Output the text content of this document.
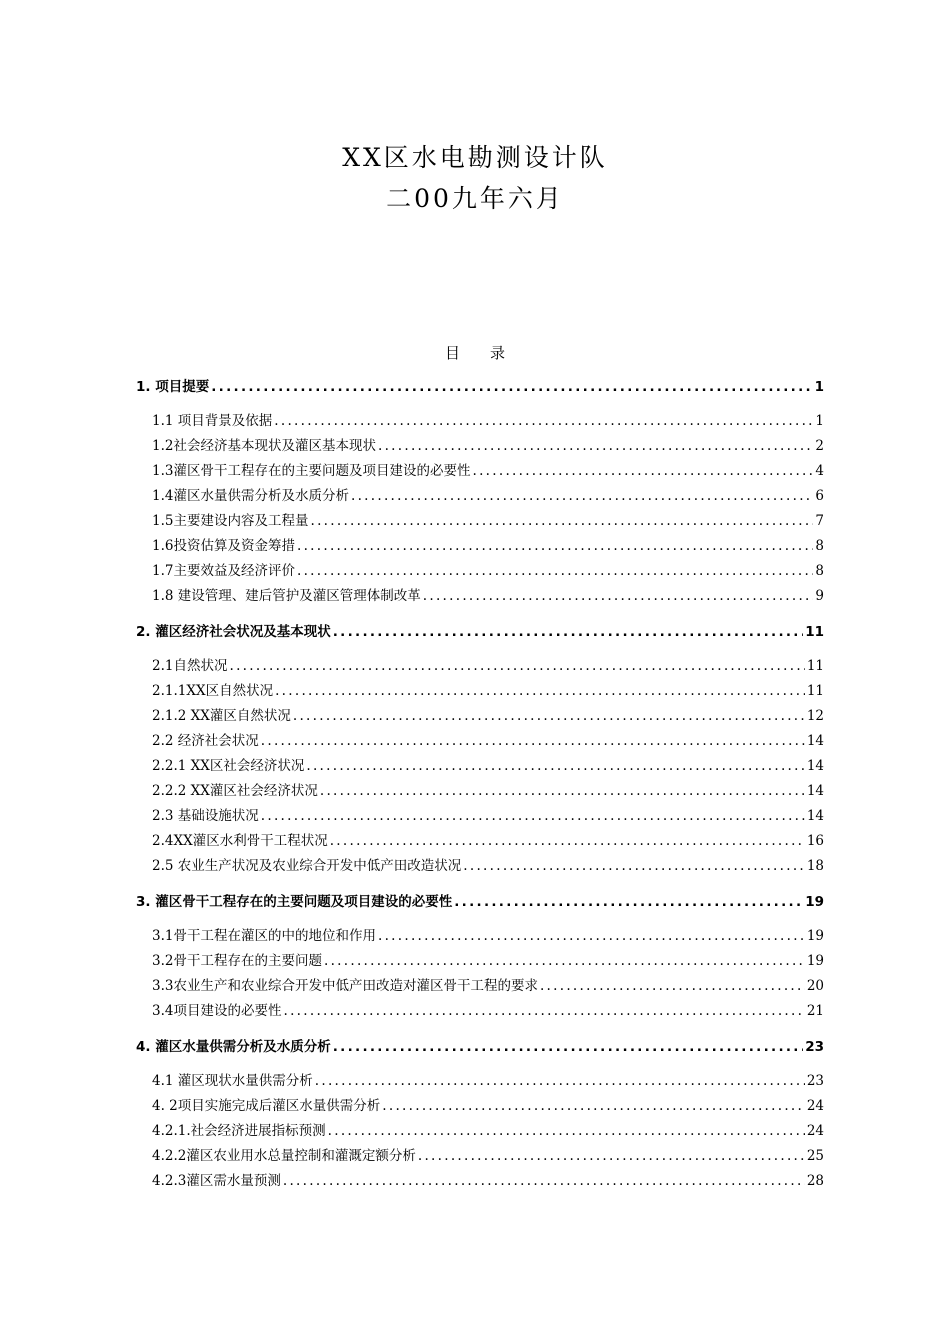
XX区水电勘测设计队
二00九年六月
目录
1. 项目提要 .....	1
1.1 项目背景及依据 .....	1
1.2社会经济基本现状及灌区基本现状 .....	2
1.3灌区骨干工程存在的主要问题及项目建设的必要性 .....	4
1.4灌区水量供需分析及水质分析 .....	6
1.5主要建设内容及工程量 .....	7
1.6投资估算及资金筹措 .....	8
1.7主要效益及经济评价 .....	8
1.8 建设管理、建后管护及灌区管理体制改革 .....	9
2. 灌区经济社会状况及基本现状 .....	11
2.1自然状况 .....	11
2.1.1XX区自然状况 .....	11
2.1.2 XX灌区自然状况 .....	12
2.2 经济社会状况 .....	14
2.2.1 XX区社会经济状况 .....	14
2.2.2 XX灌区社会经济状况 .....	14
2.3 基础设施状况 .....	14
2.4XX灌区水利骨干工程状况 .....	16
2.5 农业生产状况及农业综合开发中低产田改造状况 .....	18
3. 灌区骨干工程存在的主要问题及项目建设的必要性 .....	19
3.1骨干工程在灌区的中的地位和作用 .....	19
3.2骨干工程存在的主要问题 .....	19
3.3农业生产和农业综合开发中低产田改造对灌区骨干工程的要求 .....	20
3.4项目建设的必要性 .....	21
4. 灌区水量供需分析及水质分析 .....	23
4.1 灌区现状水量供需分析 .....	23
4. 2项目实施完成后灌区水量供需分析 .....	24
4.2.1.社会经济进展指标预测 .....	24
4.2.2灌区农业用水总量控制和灌溉定额分析 .....	25
4.2.3灌区需水量预测 .....	28
